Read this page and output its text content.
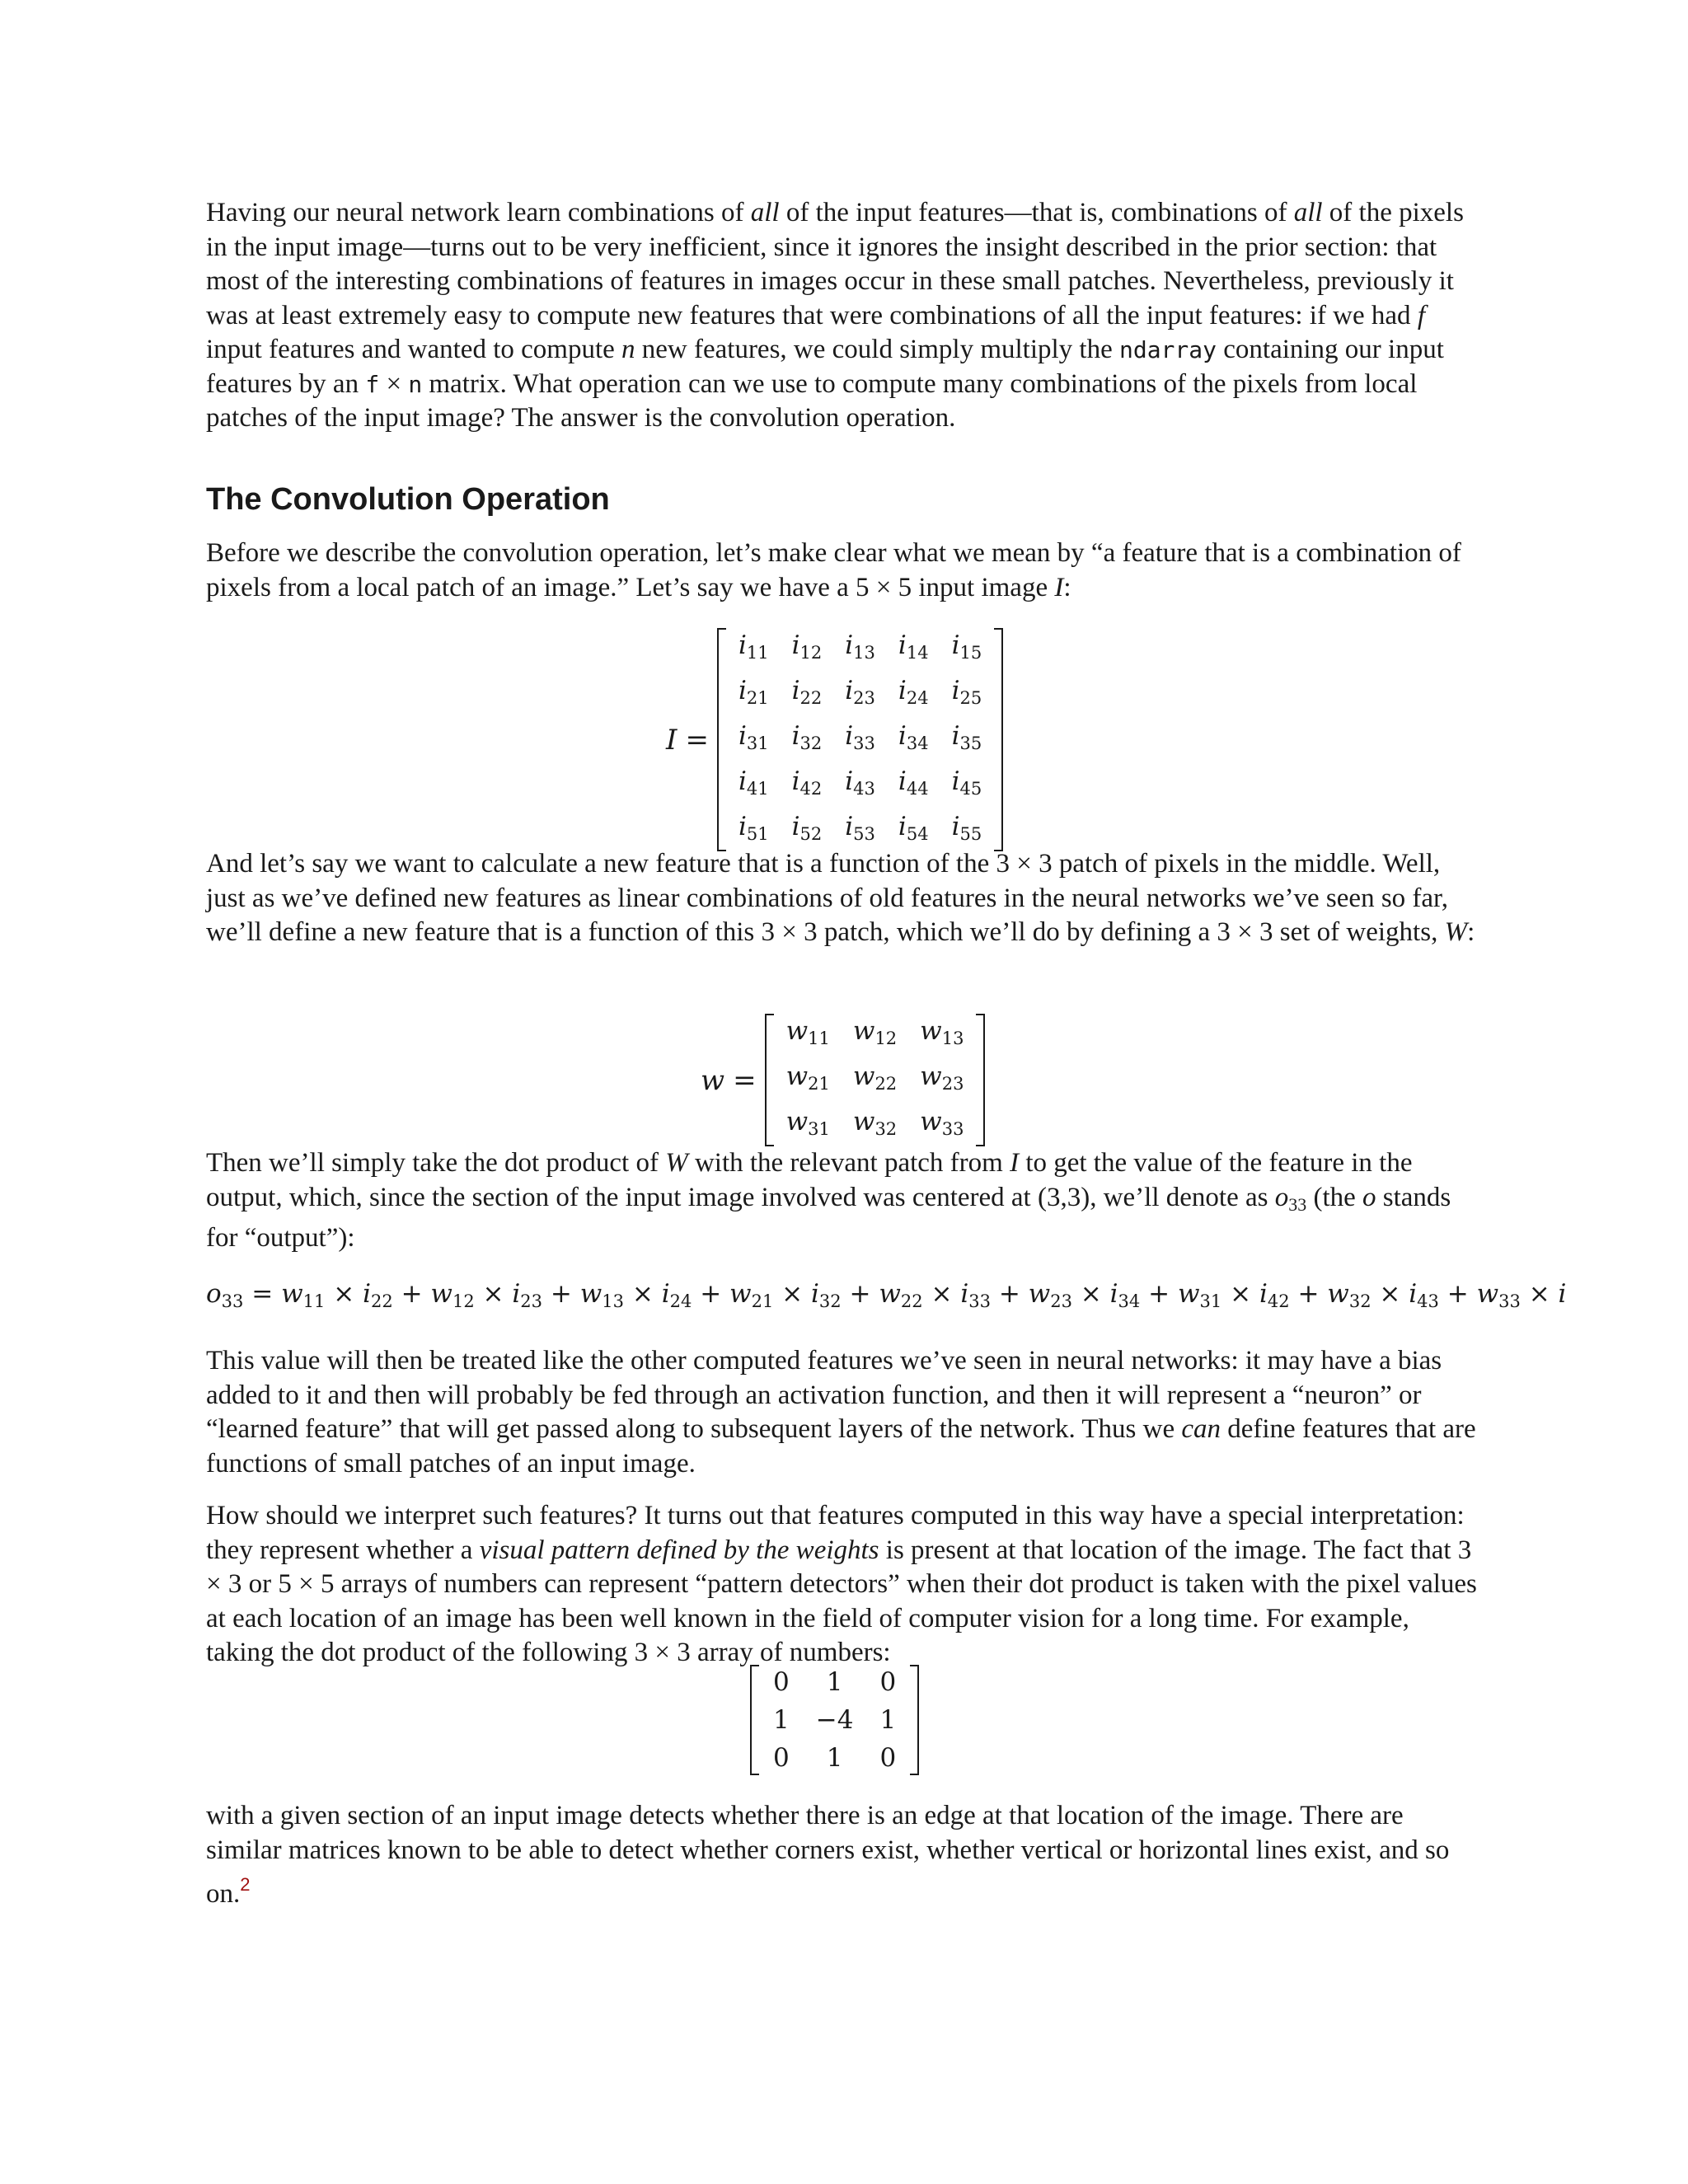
Having our neural network learn combinations of all of the input features—that is, combinations of all of the pixels in the input image—turns out to be very inefficient, since it ignores the insight described in the prior section: that most of the interesting combinations of features in images occur in these small patches. Nevertheless, previously it was at least extremely easy to compute new features that were combinations of all the input features: if we had f input features and wanted to compute n new features, we could simply multiply the ndarray containing our input features by an f × n matrix. What operation can we use to compute many combinations of the pixels from local patches of the input image? The answer is the convolution operation.

The Convolution Operation

Before we describe the convolution operation, let’s make clear what we mean by “a feature that is a combination of pixels from a local patch of an image.” Let’s say we have a 5 × 5 input image I:

I =
$i_{11}$	$i_{12}$	$i_{13}$	$i_{14}$	$i_{15}$
$i_{21}$	$i_{22}$	$i_{23}$	$i_{24}$	$i_{25}$
$i_{31}$	$i_{32}$	$i_{33}$	$i_{34}$	$i_{35}$
$i_{41}$	$i_{42}$	$i_{43}$	$i_{44}$	$i_{45}$
$i_{51}$	$i_{52}$	$i_{53}$	$i_{54}$	$i_{55}$

And let’s say we want to calculate a new feature that is a function of the 3 × 3 patch of pixels in the middle. Well, just as we’ve defined new features as linear combinations of old features in the neural networks we’ve seen so far, we’ll define a new feature that is a function of this 3 × 3 patch, which we’ll do by defining a 3 × 3 set of weights, W:

w =
$w_{11}$	$w_{12}$	$w_{13}$
$w_{21}$	$w_{22}$	$w_{23}$
$w_{31}$	$w_{32}$	$w_{33}$

Then we’ll simply take the dot product of W with the relevant patch from I to get the value of the feature in the output, which, since the section of the input image involved was centered at (3,3), we’ll denote as o33 (the o stands for “output”):

$o_{33} = w_{11} \times i_{22} + w_{12} \times i_{23} + w_{13} \times i_{24} + w_{21} \times i_{32} + w_{22} \times i_{33} + w_{23} \times i_{34} + w_{31} \times i_{42} + w_{32} \times i_{43} + w_{33} \times i$

This value will then be treated like the other computed features we’ve seen in neural networks: it may have a bias added to it and then will probably be fed through an activation function, and then it will represent a “neuron” or “learned feature” that will get passed along to subsequent layers of the network. Thus we can define features that are functions of small patches of an input image.

How should we interpret such features? It turns out that features computed in this way have a special interpretation: they represent whether a visual pattern defined by the weights is present at that location of the image. The fact that 3 × 3 or 5 × 5 arrays of numbers can represent “pattern detectors” when their dot product is taken with the pixel values at each location of an image has been well known in the field of computer vision for a long time. For example, taking the dot product of the following 3 × 3 array of numbers:

0	1	0
1	−4	1
0	1	0

with a given section of an input image detects whether there is an edge at that location of the image. There are similar matrices known to be able to detect whether corners exist, whether vertical or horizontal lines exist, and so on.$^2$
